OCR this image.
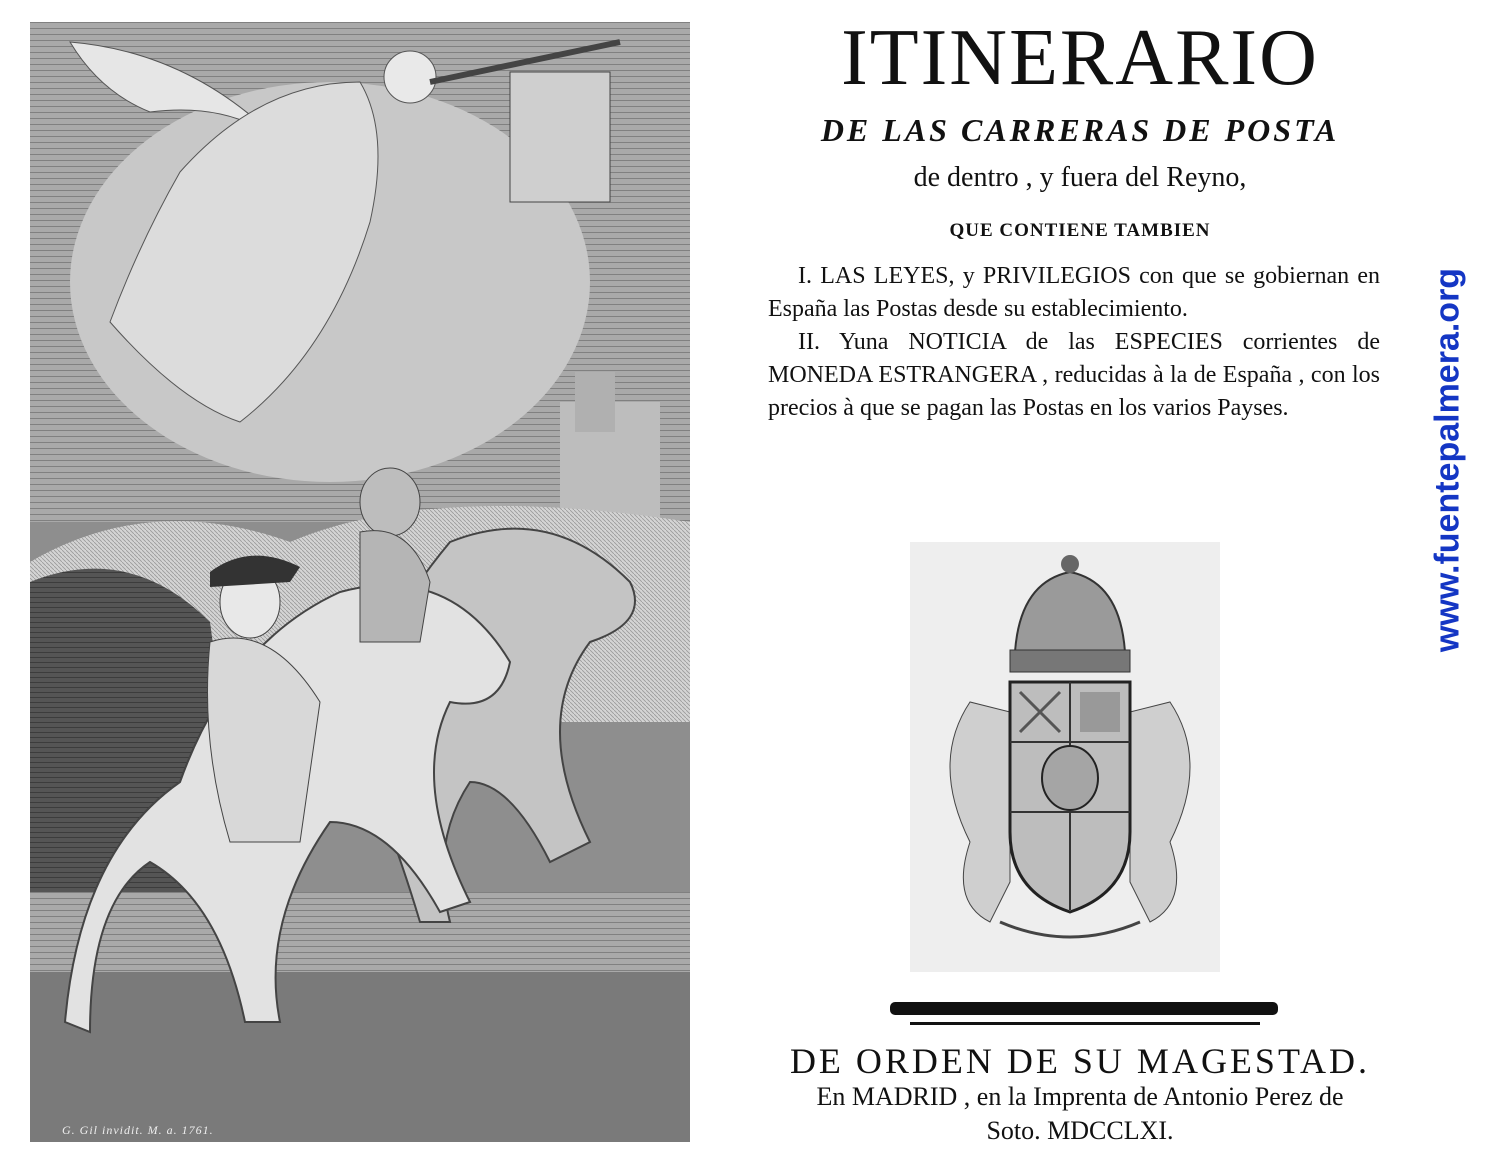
G. Gil invidit. M. a. 1761.
ITINERARIO
DE LAS CARRERAS DE POSTA
de dentro , y fuera del Reyno,
QUE CONTIENE TAMBIEN

I. LAS LEYES, y PRIVILEGIOS con que se gobiernan en España las Postas desde su establecimiento.

II. Yuna NOTICIA de las ESPECIES corrientes de MONEDA ESTRANGERA , reducidas à la de España , con los precios à que se pagan las Postas en los varios Payses.

DE ORDEN DE SU MAGESTAD.
En MADRID , en la Imprenta de Antonio Perez de
Soto. MDCCLXI.
www.fuentepalmera.org
